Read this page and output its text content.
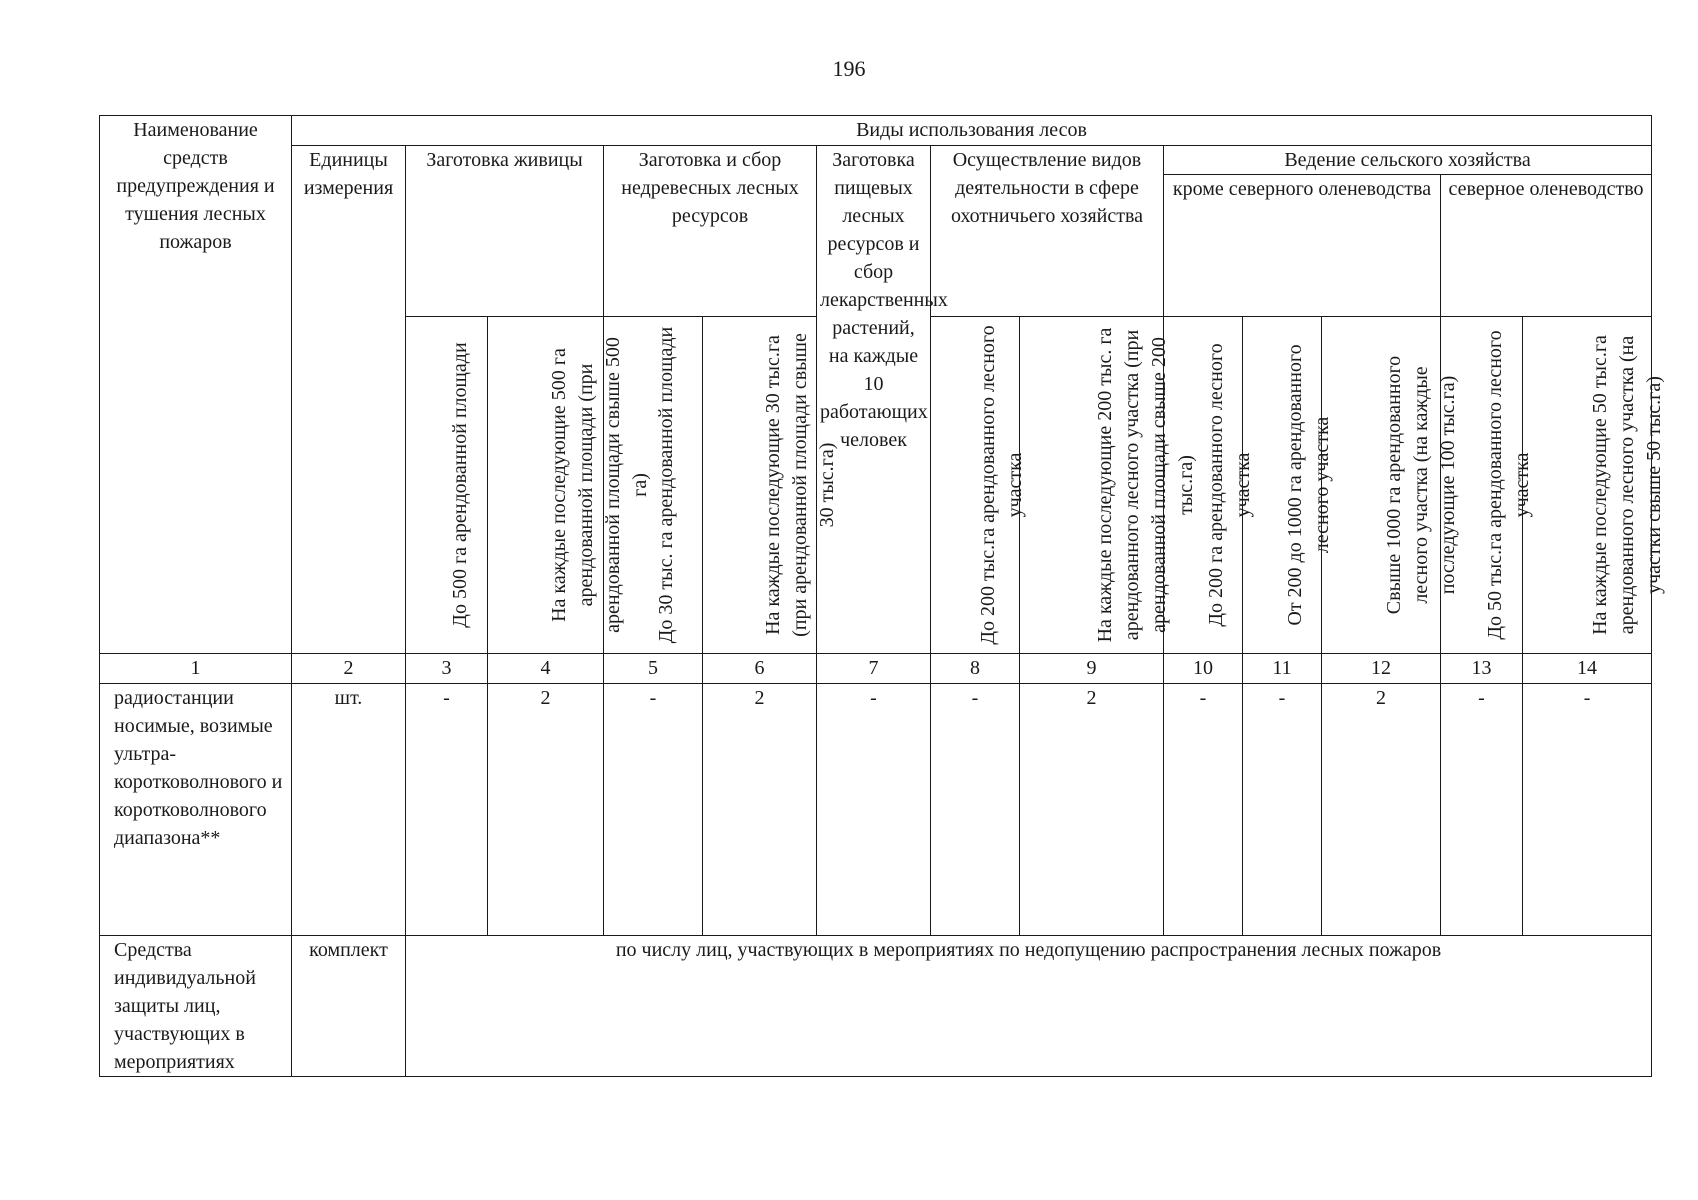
196
Наименование средств предупреждения и тушения лесных пожаров	Виды использования лесов												
	Единицы измерения	Заготовка живицы		Заготовка и сбор недревесных лесных ресурсов		Заготовка пищевых лесных ресурсов и сбор лекарственных растений, на каждые 10 работающих человек	Осуществление видов деятельности в сфере охотничьего хозяйства		Ведение сельского хозяйства				
									кроме северного оленеводства			северное оленеводство	

		До 500 га арендованной площади	На каждые последующие 500 га арендованной площади (при арендованной площади свыше 500 га)	До 30 тыс. га арендованной площади	На каждые последующие 30 тыс.га (при арендованной площади свыше 30 тыс.га)		До 200 тыс.га арендованного лесного участка	На каждые последующие 200 тыс. га арендованного лесного участка (при арендованной площади свыше 200 тыс.га)	До 200 га арендованного лесного участка	От 200 до 1000 га арендованного лесного участка	Свыше 1000 га арендованного лесного участка (на каждые последующие 100 тыс.га)	До 50 тыс.га арендованного лесного участка	На каждые последующие 50 тыс.га арендованного лесного участка (на участки свыше 50 тыс.га)

1	2	3	4	5	6	7	8	9	10	11	12	13	14
радиостанции носимые, возимые ультра-коротковолнового и коротковолнового диапазона**	шт.	-	2	-	2	-	-	2	-	-	2	-	-
Средства индивидуальной защиты лиц, участвующих в мероприятиях	комплект	по числу лиц, участвующих в мероприятиях по недопущению распространения лесных пожаров											
